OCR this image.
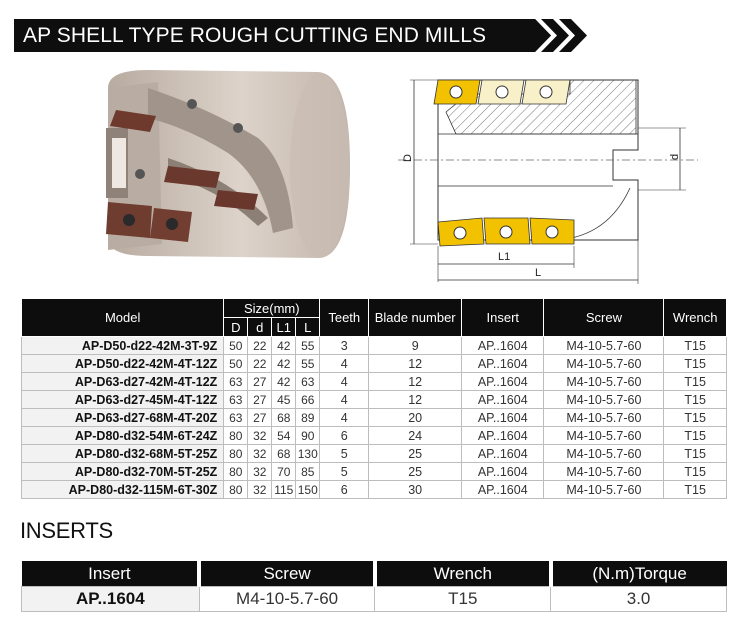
AP SHELL TYPE ROUGH CUTTING END MILLS
D	d
L1
L
Model	Size(mm)				Teeth	Blade number	Insert	Screw	Wrench
	D	d	L1	L					
AP-D50-d22-42M-3T-9Z	50	22	42	55	3	9	AP..1604	M4-10-5.7-60	T15
AP-D50-d22-42M-4T-12Z	50	22	42	55	4	12	AP..1604	M4-10-5.7-60	T15
AP-D63-d27-42M-4T-12Z	63	27	42	63	4	12	AP..1604	M4-10-5.7-60	T15
AP-D63-d27-45M-4T-12Z	63	27	45	66	4	12	AP..1604	M4-10-5.7-60	T15
AP-D63-d27-68M-4T-20Z	63	27	68	89	4	20	AP..1604	M4-10-5.7-60	T15
AP-D80-d32-54M-6T-24Z	80	32	54	90	6	24	AP..1604	M4-10-5.7-60	T15
AP-D80-d32-68M-5T-25Z	80	32	68	130	5	25	AP..1604	M4-10-5.7-60	T15
AP-D80-d32-70M-5T-25Z	80	32	70	85	5	25	AP..1604	M4-10-5.7-60	T15
AP-D80-d32-115M-6T-30Z	80	32	115	150	6	30	AP..1604	M4-10-5.7-60	T15
INSERTS
Insert	Screw	Wrench	(N.m)Torque
AP..1604	M4-10-5.7-60	T15	3.0
